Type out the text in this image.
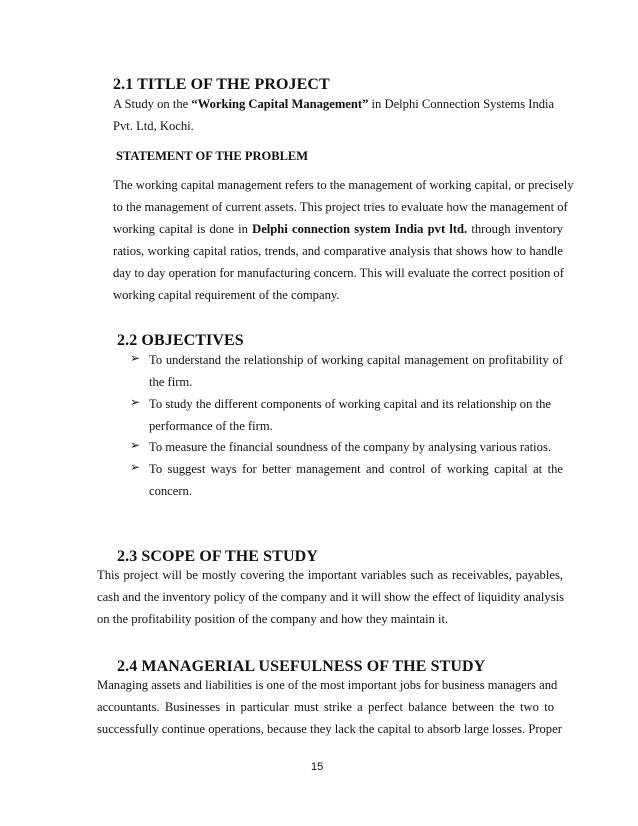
2.1 TITLE OF THE PROJECT
A Study on the “Working Capital Management” in Delphi Connection Systems India
Pvt. Ltd, Kochi.
STATEMENT OF THE PROBLEM
The working capital management refers to the management of working capital, or precisely
to the management of current assets. This project tries to evaluate how the management of
working capital is done in Delphi connection system India pvt ltd. through inventory
ratios, working capital ratios, trends, and comparative analysis that shows how to handle
day to day operation for manufacturing concern. This will evaluate the correct position of
working capital requirement of the company.
2.2 OBJECTIVES
➢ To understand the relationship of working capital management on profitability of
the firm.
➢ To study the different components of working capital and its relationship on the
performance of the firm.
➢ To measure the financial soundness of the company by analysing various ratios.
➢ To suggest ways for better management and control of working capital at the
concern.
2.3 SCOPE OF THE STUDY
This project will be mostly covering the important variables such as receivables, payables,
cash and the inventory policy of the company and it will show the effect of liquidity analysis
on the profitability position of the company and how they maintain it.
2.4 MANAGERIAL USEFULNESS OF THE STUDY
Managing assets and liabilities is one of the most important jobs for business managers and
accountants. Businesses in particular must strike a perfect balance between the two to
successfully continue operations, because they lack the capital to absorb large losses. Proper
15
